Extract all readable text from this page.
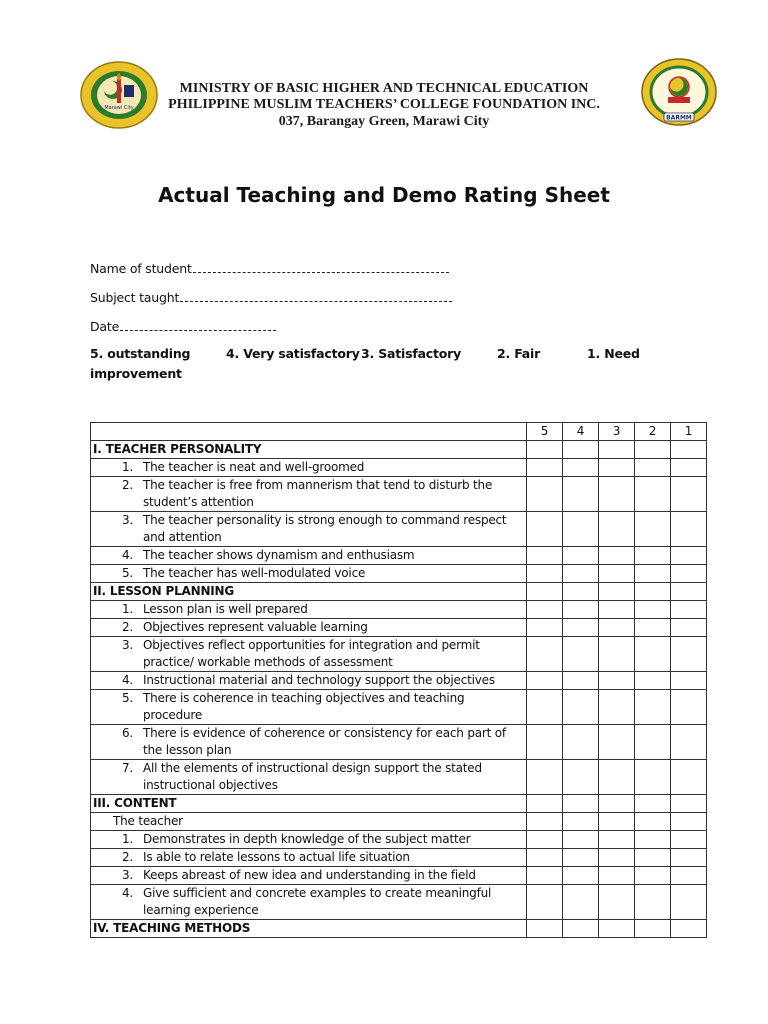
Marawi City
BARMM
MINISTRY OF BASIC HIGHER AND TECHNICAL EDUCATION
PHILIPPINE MUSLIM TEACHERS’ COLLEGE FOUNDATION INC.
037, Barangay Green, Marawi City
Actual Teaching and Demo Rating Sheet
Name of student
Subject taught
Date
5. outstanding	4. Very satisfactory 3. Satisfactory	2. Fair	1. Need
improvement
	5	4	3	2	1
I. TEACHER PERSONALITY					

1. The teacher is neat and well-groomed					

2. The teacher is free from mannerism that tend to disturb the student’s attention					

3. The teacher personality is strong enough to command respect and attention					

4. The teacher shows dynamism and enthusiasm					

5. The teacher has well-modulated voice					

II. LESSON PLANNING					

1. Lesson plan is well prepared					

2. Objectives represent valuable learning					

3. Objectives reflect opportunities for integration and permit practice/ workable methods of assessment					

4. Instructional material and technology support the objectives					

5. There is coherence in teaching objectives and teaching procedure					

6. There is evidence of coherence or consistency for each part of the lesson plan					

7. All the elements of instructional design support the stated instructional objectives					

III. CONTENT					
The teacher					

1. Demonstrates in depth knowledge of the subject matter					

2. Is able to relate lessons to actual life situation					

3. Keeps abreast of new idea and understanding in the field					

4. Give sufficient and concrete examples to create meaningful learning experience					

IV. TEACHING METHODS					
